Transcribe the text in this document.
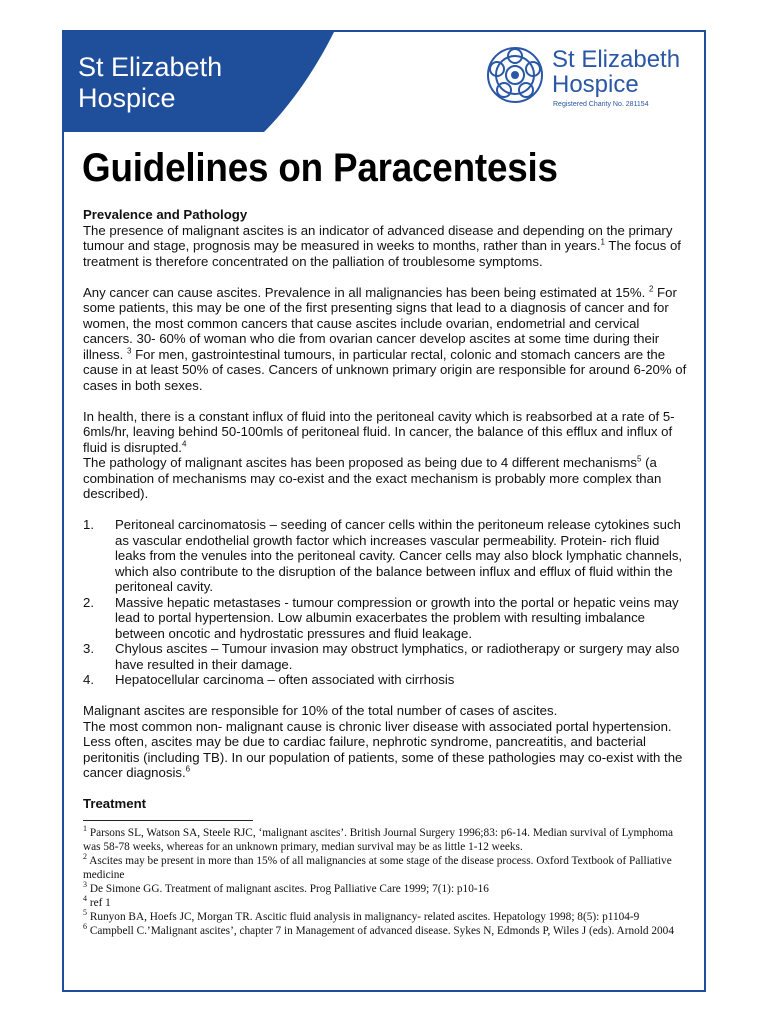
St Elizabeth
Hospice
St Elizabeth
Hospice
Registered Charity No. 281154
Guidelines on Paracentesis
Prevalence and Pathology

The presence of malignant ascites is an indicator of advanced disease and depending on the primary tumour and stage, prognosis may be measured in weeks to months, rather than in years.$^1$ The focus of treatment is therefore concentrated on the palliation of troublesome symptoms.

Any cancer can cause ascites. Prevalence in all malignancies has been being estimated at 15%. $^2$ For some patients, this may be one of the first presenting signs that lead to a diagnosis of cancer and for women, the most common cancers that cause ascites include ovarian, endometrial and cervical cancers. 30- 60% of woman who die from ovarian cancer develop ascites at some time during their illness. $^3$ For men, gastrointestinal tumours, in particular rectal, colonic and stomach cancers are the cause in at least 50% of cases. Cancers of unknown primary origin are responsible for around 6-20% of cases in both sexes.

In health, there is a constant influx of fluid into the peritoneal cavity which is reabsorbed at a rate of 5-6mls/hr, leaving behind 50-100mls of peritoneal fluid. In cancer, the balance of this efflux and influx of fluid is disrupted.$^4$

The pathology of malignant ascites has been proposed as being due to 4 different mechanisms$^5$ (a combination of mechanisms may co-exist and the exact mechanism is probably more complex than described).

1. Peritoneal carcinomatosis – seeding of cancer cells within the peritoneum release cytokines such as vascular endothelial growth factor which increases vascular permeability. Protein- rich fluid leaks from the venules into the peritoneal cavity. Cancer cells may also block lymphatic channels, which also contribute to the disruption of the balance between influx and efflux of fluid within the peritoneal cavity.
2. Massive hepatic metastases - tumour compression or growth into the portal or hepatic veins may lead to portal hypertension. Low albumin exacerbates the problem with resulting imbalance between oncotic and hydrostatic pressures and fluid leakage.
3. Chylous ascites – Tumour invasion may obstruct lymphatics, or radiotherapy or surgery may also have resulted in their damage.
4. Hepatocellular carcinoma – often associated with cirrhosis

Malignant ascites are responsible for 10% of the total number of cases of ascites.

The most common non- malignant cause is chronic liver disease with associated portal hypertension. Less often, ascites may be due to cardiac failure, nephrotic syndrome, pancreatitis, and bacterial peritonitis (including TB). In our population of patients, some of these pathologies may co-exist with the cancer diagnosis.$^6$

Treatment
$^1$ Parsons SL, Watson SA, Steele RJC, ‘malignant ascites’. British Journal Surgery 1996;83: p6-14. Median survival of Lymphoma was 58-78 weeks, whereas for an unknown primary, median survival may be as little 1-12 weeks.
$^2$ Ascites may be present in more than 15% of all malignancies at some stage of the disease process. Oxford Textbook of Palliative medicine
$^3$ De Simone GG. Treatment of malignant ascites. Prog Palliative Care 1999; 7(1): p10-16
$^4$ ref 1
$^5$ Runyon BA, Hoefs JC, Morgan TR. Ascitic fluid analysis in malignancy- related ascites. Hepatology 1998; 8(5): p1104-9
$^6$ Campbell C.’Malignant ascites’, chapter 7 in Management of advanced disease. Sykes N, Edmonds P, Wiles J (eds). Arnold 2004
